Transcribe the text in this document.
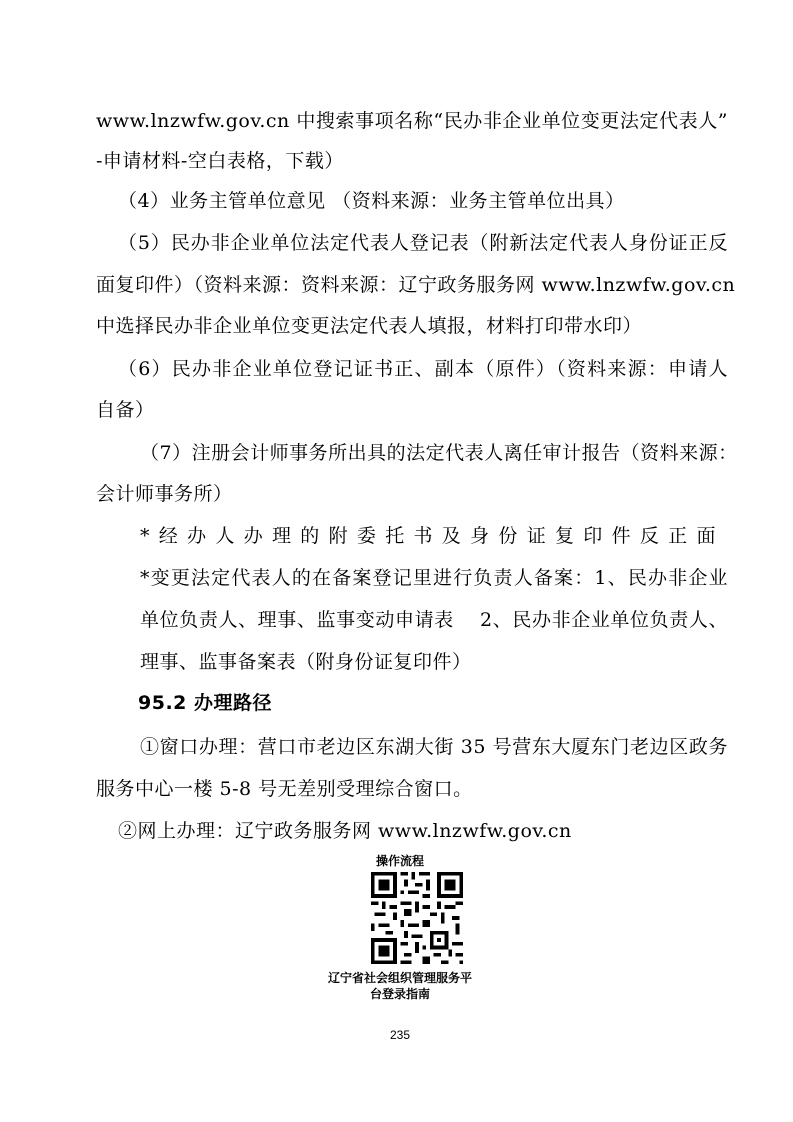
www.lnzwfw.gov.cn 中搜索事项名称“民办非企业单位变更法定代表人”
-申请材料-空白表格，下载）
（4）业务主管单位意见 （资料来源：业务主管单位出具）
（5）民办非企业单位法定代表人登记表（附新法定代表人身份证正反
面复印件）（资料来源：资料来源：辽宁政务服务网 www.lnzwfw.gov.cn
中选择民办非企业单位变更法定代表人填报，材料打印带水印）
（6）民办非企业单位登记证书正、副本（原件）（资料来源：申请人
自备）
（7）注册会计师事务所出具的法定代表人离任审计报告（资料来源：
会计师事务所）
*经办人办理的附委托书及身份证复印件反正面
*变更法定代表人的在备案登记里进行负责人备案：1、民办非企业
单位负责人、理事、监事变动申请表　 2、民办非企业单位负责人、
理事、监事备案表（附身份证复印件）
95.2 办理路径
①窗口办理：营口市老边区东湖大街 35 号营东大厦东门老边区政务
服务中心一楼 5-8 号无差别受理综合窗口。
②网上办理：辽宁政务服务网 www.lnzwfw.gov.cn
操作流程
辽宁省社会组织管理服务平
台登录指南
235
